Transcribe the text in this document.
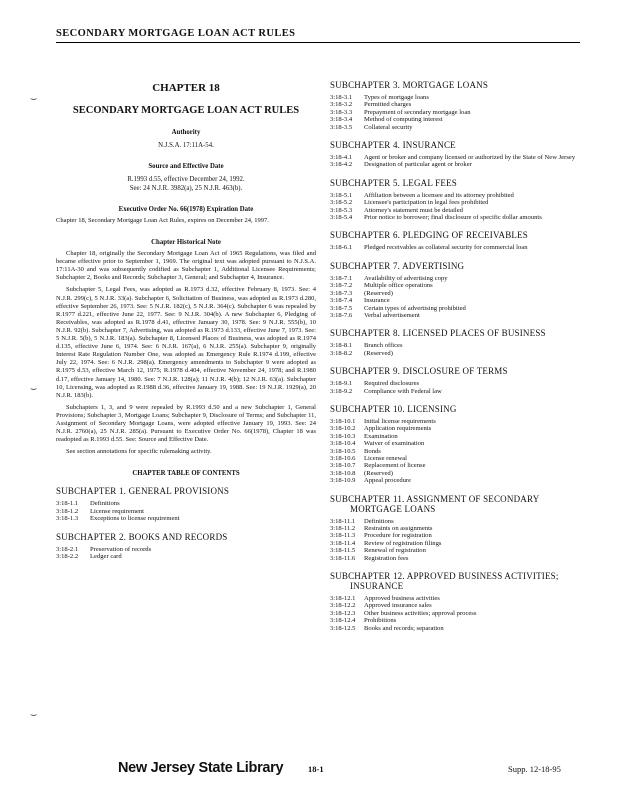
SECONDARY MORTGAGE LOAN ACT RULES
CHAPTER 18
SECONDARY MORTGAGE LOAN ACT RULES
Authority
N.J.S.A. 17:11A-54.
Source and Effective Date
R.1993 d.55, effective December 24, 1992.
See: 24 N.J.R. 3982(a), 25 N.J.R. 463(b).
Executive Order No. 66(1978) Expiration Date
Chapter 18, Secondary Mortgage Loan Act Rules, expires on December 24, 1997.
Chapter Historical Note
Chapter 18, originally the Secondary Mortgage Loan Act of 1965 Regulations, was filed and became effective prior to September 1, 1969. The original text was adopted pursuant to N.J.S.A. 17:11A-30 and was subsequently codified as Subchapter 1, Additional Licensee Requirements; Subchapter 2, Books and Records; Subchapter 3, General; and Subchapter 4, Insurance.
Subchapter 5, Legal Fees, was adopted as R.1973 d.32, effective February 8, 1973. See: 4 N.J.R. 299(c), 5 N.J.R. 33(a). Subchapter 6, Solicitation of Business, was adopted as R.1973 d.280, effective September 26, 1973. See: 5 N.J.R. 182(c), 5 N.J.R. 364(c). Subchapter 6 was repealed by R.1977 d.221, effective June 22, 1977. See: 9 N.J.R. 304(b). A new Subchapter 6, Pledging of Receivables, was adopted as R.1978 d.41, effective January 30, 1978. See: 9 N.J.R. 555(b), 10 N.J.R. 92(b). Subchapter 7, Advertising, was adopted as R.1973 d.133, effective June 7, 1973. See: 5 N.J.R. 5(b), 5 N.J.R. 183(a). Subchapter 8, Licensed Places of Business, was adopted as R.1974 d.135, effective June 6, 1974. See: 6 N.J.R. 167(a), 6 N.J.R. 255(a). Subchapter 9, originally Interest Rate Regulation Number One, was adopted as Emergency Rule R.1974 d.199, effective July 22, 1974. See: 6 N.J.R. 298(a). Emergency amendments to Subchapter 9 were adopted as R.1975 d.53, effective March 12, 1975; R.1978 d.404, effective November 24, 1978; and R.1980 d.17, effective January 14, 1980. See: 7 N.J.R. 128(a); 11 N.J.R. 4(b); 12 N.J.R. 63(a). Subchapter 10, Licensing, was adopted as R.1988 d.36, effective January 19, 1988. See: 19 N.J.R. 1929(a), 20 N.J.R. 183(b).
Subchapters 1, 3, and 9 were repealed by R.1993 d.50 and a new Subchapter 1, General Provisions; Subchapter 3, Mortgage Loans; Subchapter 9, Disclosure of Terms; and Subchapter 11, Assignment of Secondary Mortgage Loans, were adopted effective January 19, 1993. See: 24 N.J.R. 2760(a), 25 N.J.R. 285(a). Pursuant to Executive Order No. 66(1978), Chapter 18 was readopted as R.1993 d.55. See: Source and Effective Date.
See section annotations for specific rulemaking activity.
CHAPTER TABLE OF CONTENTS
SUBCHAPTER 1. GENERAL PROVISIONS
3:18-1.1	Definitions
3:18-1.2	License requirement
3:18-1.3	Exceptions to license requirement
SUBCHAPTER 2. BOOKS AND RECORDS
3:18-2.1	Preservation of records
3:18-2.2	Ledger card
SUBCHAPTER 3. MORTGAGE LOANS
3:18-3.1	Types of mortgage loans
3:18-3.2	Permitted charges
3:18-3.3	Prepayment of secondary mortgage loan
3:18-3.4	Method of computing interest
3:18-3.5	Collateral security
SUBCHAPTER 4. INSURANCE
3:18-4.1	Agent or broker and company licensed or authorized by the State of New Jersey
3:18-4.2	Designation of particular agent or broker
SUBCHAPTER 5. LEGAL FEES
3:18-5.1	Affiliation between a licensee and its attorney prohibited
3:18-5.2	Licensee's participation in legal fees prohibited
3:18-5.3	Attorney's statement must be detailed
3:18-5.4	Prior notice to borrower; final disclosure of specific dollar amounts
SUBCHAPTER 6. PLEDGING OF RECEIVABLES
3:18-6.1	Pledged receivables as collateral security for commercial loan
SUBCHAPTER 7. ADVERTISING
3:18-7.1	Availability of advertising copy
3:18-7.2	Multiple office operations
3:18-7.3	(Reserved)
3:18-7.4	Insurance
3:18-7.5	Certain types of advertising prohibited
3:18-7.6	Verbal advertisement
SUBCHAPTER 8. LICENSED PLACES OF BUSINESS
3:18-8.1	Branch offices
3:18-8.2	(Reserved)
SUBCHAPTER 9. DISCLOSURE OF TERMS
3:18-9.1	Required disclosures
3:18-9.2	Compliance with Federal law
SUBCHAPTER 10. LICENSING
3:18-10.1	Initial license requirements
3:18-10.2	Application requirements
3:18-10.3	Examination
3:18-10.4	Waiver of examination
3:18-10.5	Bonds
3:18-10.6	License renewal
3:18-10.7	Replacement of license
3:18-10.8	(Reserved)
3:18-10.9	Appeal procedure
SUBCHAPTER 11. ASSIGNMENT OF SECONDARY
MORTGAGE LOANS
3:18-11.1	Definitions
3:18-11.2	Restraints on assignments
3:18-11.3	Procedure for registration
3:18-11.4	Review of registration filings
3:18-11.5	Renewal of registration
3:18-11.6	Registration fees
SUBCHAPTER 12. APPROVED BUSINESS ACTIVITIES;
INSURANCE
3:18-12.1	Approved business activities
3:18-12.2	Approved insurance sales
3:18-12.3	Other business activities; approval process
3:18-12.4	Prohibitions
3:18-12.5	Books and records; separation
⌣
⌣
⌣
New Jersey State Library	18-1	Supp. 12-18-95
